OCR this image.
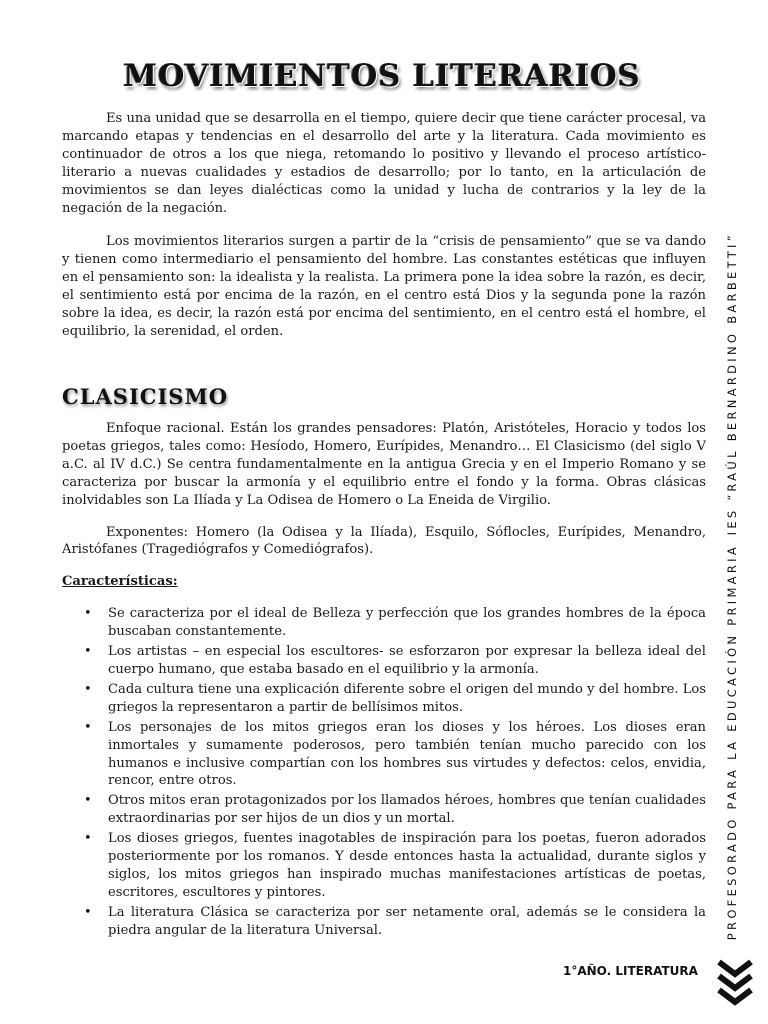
MOVIMIENTOS LITERARIOS

Es una unidad que se desarrolla en el tiempo, quiere decir que tiene carácter procesal, va marcando etapas y tendencias en el desarrollo del arte y la literatura. Cada movimiento es continuador de otros a los que niega, retomando lo positivo y llevando el proceso artístico-literario a nuevas cualidades y estadios de desarrollo; por lo tanto, en la articulación de movimientos se dan leyes dialécticas como la unidad y lucha de contrarios y la ley de la negación de la negación.

Los movimientos literarios surgen a partir de la “crisis de pensamiento” que se va dando y tienen como intermediario el pensamiento del hombre. Las constantes estéticas que influyen en el pensamiento son: la idealista y la realista. La primera pone la idea sobre la razón, es decir, el sentimiento está por encima de la razón, en el centro está Dios y la segunda pone la razón sobre la idea, es decir, la razón está por encima del sentimiento, en el centro está el hombre, el equilibrio, la serenidad, el orden.

CLASICISMO

Enfoque racional. Están los grandes pensadores: Platón, Aristóteles, Horacio y todos los poetas griegos, tales como: Hesíodo, Homero, Eurípides, Menandro… El Clasicismo (del siglo V a.C. al IV d.C.) Se centra fundamentalmente en la antigua Grecia y en el Imperio Romano y se caracteriza por buscar la armonía y el equilibrio entre el fondo y la forma. Obras clásicas inolvidables son La Ilíada y La Odisea de Homero o La Eneida de Virgilio.

Exponentes: Homero (la Odisea y la Ilíada), Esquilo, Sóflocles, Eurípides, Menandro, Aristófanes (Tragediógrafos y Comediógrafos).

Características:

• Se caracteriza por el ideal de Belleza y perfección que los grandes hombres de la época buscaban constantemente.
• Los artistas – en especial los escultores- se esforzaron por expresar la belleza ideal del cuerpo humano, que estaba basado en el equilibrio y la armonía.
• Cada cultura tiene una explicación diferente sobre el origen del mundo y del hombre. Los griegos la representaron a partir de bellísimos mitos.
• Los personajes de los mitos griegos eran los dioses y los héroes. Los dioses eran inmortales y sumamente poderosos, pero también tenían mucho parecido con los humanos e inclusive compartían con los hombres sus virtudes y defectos: celos, envidia, rencor, entre otros.
• Otros mitos eran protagonizados por los llamados héroes, hombres que tenían cualidades extraordinarias por ser hijos de un dios y un mortal.
• Los dioses griegos, fuentes inagotables de inspiración para los poetas, fueron adorados posteriormente por los romanos. Y desde entonces hasta la actualidad, durante siglos y siglos, los mitos griegos han inspirado muchas manifestaciones artísticas de poetas, escritores, escultores y pintores.
• La literatura Clásica se caracteriza por ser netamente oral, además se le considera la piedra angular de la literatura Universal.
IES “RAÚL BERNARDINO BARBETTI”
PROFESORADO PARA LA EDUCACIÓN PRIMARIA
1°AÑO. LITERATURA
